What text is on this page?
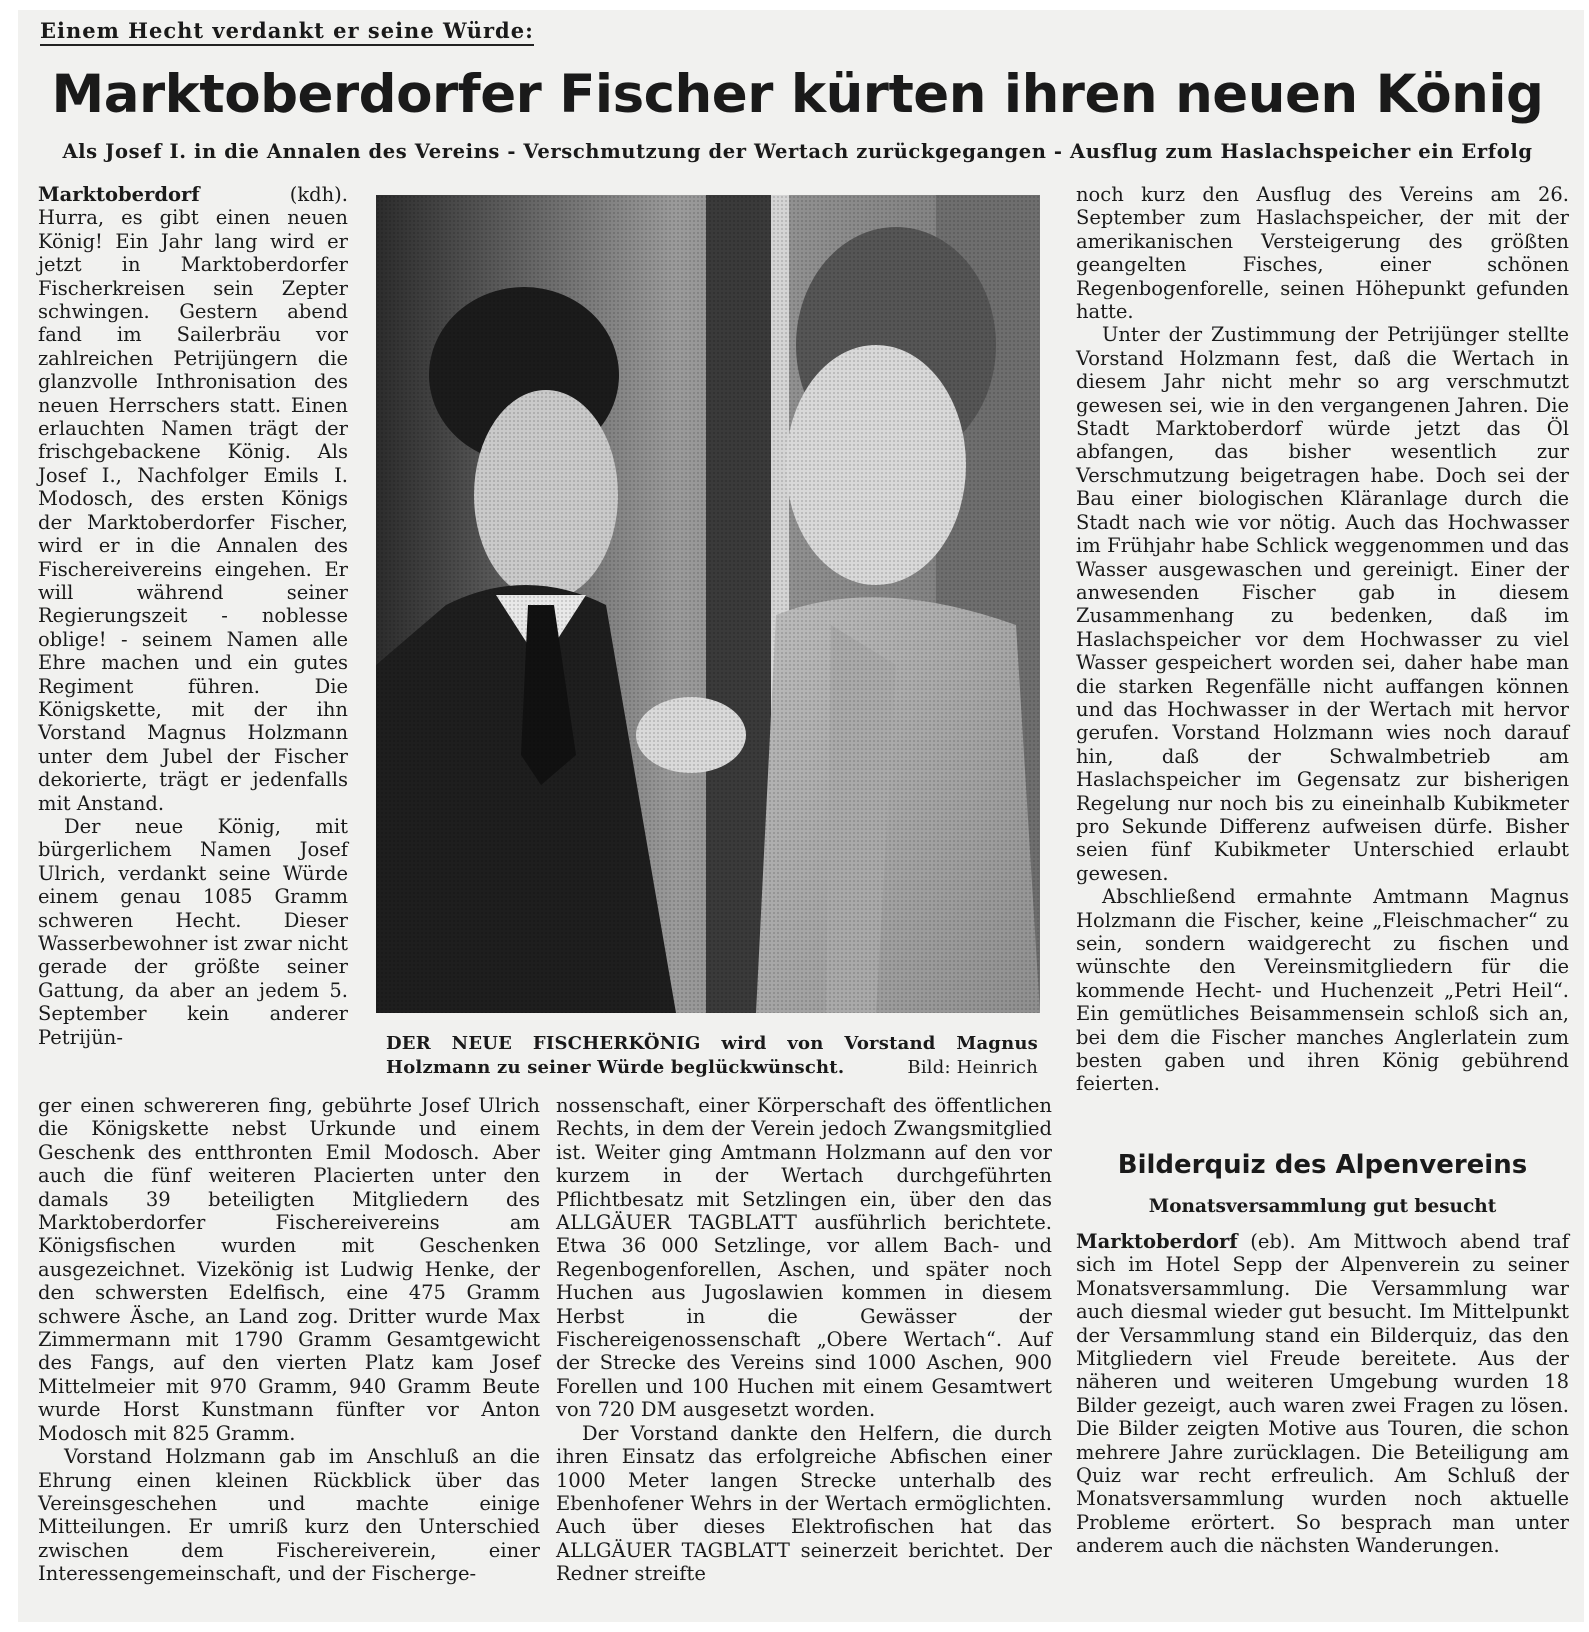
Einem Hecht verdankt er seine Würde:
Marktoberdorfer Fischer kürten ihren neuen König
Als Josef I. in die Annalen des Vereins - Verschmutzung der Wertach zurückgegangen - Ausflug zum Haslachspeicher ein Erfolg

Marktoberdorf	(kdh). Hurra, es gibt einen neuen König! Ein Jahr lang wird er jetzt in Marktoberdorfer Fischerkreisen sein Zepter schwingen. Gestern abend fand im Sailerbräu vor zahlreichen Petrijüngern die glanzvolle Inthronisation des neuen Herrschers statt. Einen erlauchten Namen trägt der frischgebackene König. Als Josef I., Nachfolger Emils I. Modosch, des ersten Königs der Marktoberdorfer Fischer, wird er in die Annalen des Fischereivereins eingehen. Er will während seiner Regierungszeit - noblesse oblige! - seinem Namen alle Ehre machen und ein gutes Regiment führen. Die Königskette, mit der ihn Vorstand Magnus Holzmann unter dem Jubel der Fischer dekorierte, trägt er jedenfalls mit Anstand.

Der neue König, mit bürgerlichem Namen Josef Ulrich, verdankt seine Würde einem genau 1085 Gramm schweren Hecht. Dieser Wasserbewohner ist zwar nicht gerade der größte seiner Gattung, da aber an jedem 5. September kein anderer Petrijün-	DER NEUE FISCHERKÖNIG wird von Vorstand Magnus Holzmann zu seiner Würde beglückwünscht.	Bild: Heinrich

ger einen schwereren fing, gebührte Josef Ulrich die Königskette nebst Urkunde und einem Geschenk des entthronten Emil Modosch. Aber auch die fünf weiteren Placierten unter den damals 39 beteiligten Mitgliedern des Marktoberdorfer Fischereivereins am Königsfischen wurden mit Geschenken ausgezeichnet. Vizekönig ist Ludwig Henke, der den schwersten Edelfisch, eine 475 Gramm schwere Äsche, an Land zog. Dritter wurde Max Zimmermann mit 1790 Gramm Gesamtgewicht des Fangs, auf den vierten Platz kam Josef Mittelmeier mit 970 Gramm, 940 Gramm Beute wurde Horst Kunstmann fünfter vor Anton Modosch mit 825 Gramm.

Vorstand Holzmann gab im Anschluß an die Ehrung einen kleinen Rückblick über das Vereinsgeschehen und machte einige Mitteilungen. Er umriß kurz den Unterschied zwischen dem Fischereiverein, einer Interessengemeinschaft, und der Fischerge-

nossenschaft, einer Körperschaft des öffentlichen Rechts, in dem der Verein jedoch Zwangsmitglied ist. Weiter ging Amtmann Holzmann auf den vor kurzem in der Wertach durchgeführten Pflichtbesatz mit Setzlingen ein, über den das ALLGÄUER TAGBLATT ausführlich berichtete. Etwa 36 000 Setzlinge, vor allem Bach- und Regenbogenforellen, Aschen, und später noch Huchen aus Jugoslawien kommen in diesem Herbst in die Gewässer der Fischereigenossenschaft „Obere Wertach“. Auf der Strecke des Vereins sind 1000 Aschen, 900 Forellen und 100 Huchen mit einem Gesamtwert von 720 DM ausgesetzt worden.

Der Vorstand dankte den Helfern, die durch ihren Einsatz das erfolgreiche Abfischen einer 1000 Meter langen Strecke unterhalb des Ebenhofener Wehrs in der Wertach ermöglichten. Auch über dieses Elektrofischen hat das ALLGÄUER TAGBLATT seinerzeit berichtet. Der Redner streifte

noch kurz den Ausflug des Vereins am 26. September zum Haslachspeicher, der mit der amerikanischen Versteigerung des größten geangelten Fisches, einer schönen Regenbogenforelle, seinen Höhepunkt gefunden hatte.

Unter der Zustimmung der Petrijünger stellte Vorstand Holzmann fest, daß die Wertach in diesem Jahr nicht mehr so arg verschmutzt gewesen sei, wie in den vergangenen Jahren. Die Stadt Marktoberdorf würde jetzt das Öl abfangen, das bisher wesentlich zur Verschmutzung beigetragen habe. Doch sei der Bau einer biologischen Kläranlage durch die Stadt nach wie vor nötig. Auch das Hochwasser im Frühjahr habe Schlick weggenommen und das Wasser ausgewaschen und gereinigt. Einer der anwesenden Fischer gab in diesem Zusammenhang zu bedenken, daß im Haslachspeicher vor dem Hochwasser zu viel Wasser gespeichert worden sei, daher habe man die starken Regenfälle nicht auffangen können und das Hochwasser in der Wertach mit hervor gerufen. Vorstand Holzmann wies noch darauf hin, daß der Schwalmbetrieb am Haslachspeicher im Gegensatz zur bisherigen Regelung nur noch bis zu eineinhalb Kubikmeter pro Sekunde Differenz aufweisen dürfe. Bisher seien fünf Kubikmeter Unterschied erlaubt gewesen.

Abschließend ermahnte Amtmann Magnus Holzmann die Fischer, keine „Fleischmacher“ zu sein, sondern waidgerecht zu fischen und wünschte den Vereinsmitgliedern für die kommende Hecht- und Huchenzeit „Petri Heil“. Ein gemütliches Beisammensein schloß sich an, bei dem die Fischer manches Anglerlatein zum besten gaben und ihren König gebührend feierten.

Bilderquiz des Alpenvereins
Monatsversammlung gut besucht

Marktoberdorf (eb). Am Mittwoch abend traf sich im Hotel Sepp der Alpenverein zu seiner Monatsversammlung. Die Versammlung war auch diesmal wieder gut besucht. Im Mittelpunkt der Versammlung stand ein Bilderquiz, das den Mitgliedern viel Freude bereitete. Aus der näheren und weiteren Umgebung wurden 18 Bilder gezeigt, auch waren zwei Fragen zu lösen. Die Bilder zeigten Motive aus Touren, die schon mehrere Jahre zurücklagen. Die Beteiligung am Quiz war recht erfreulich. Am Schluß der Monatsversammlung wurden noch aktuelle Probleme erörtert. So besprach man unter anderem auch die nächsten Wanderungen.
